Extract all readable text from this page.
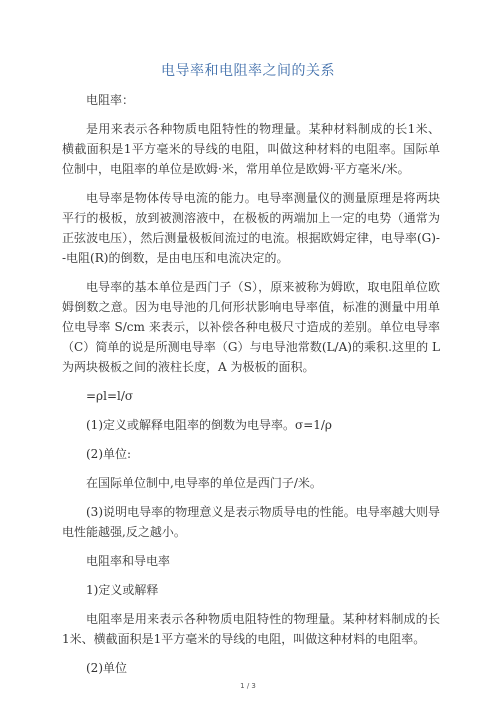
电导率和电阻率之间的关系

电阻率：

是用来表示各种物质电阻特性的物理量。某种材料制成的长1米、横截面积是1平方毫米的导线的电阻，叫做这种材料的电阻率。国际单位制中，电阻率的单位是欧姆·米，常用单位是欧姆·平方毫米/米。

电导率是物体传导电流的能力。电导率测量仪的测量原理是将两块平行的极板，放到被测溶液中，在极板的两端加上一定的电势（通常为正弦波电压），然后测量极板间流过的电流。根据欧姆定律，电导率(G)--电阻(R)的倒数，是由电压和电流决定的。

电导率的基本单位是西门子（S），原来被称为姆欧，取电阻单位欧姆倒数之意。因为电导池的几何形状影响电导率值，标准的测量中用单位电导率 S/cm 来表示，以补偿各种电极尺寸造成的差别。单位电导率（C）简单的说是所测电导率（G）与电导池常数(L/A)的乘积.这里的 L 为两块极板之间的液柱长度，A 为极板的面积。

=ρl=l/σ

(1)定义或解释电阻率的倒数为电导率。σ=1/ρ

(2)单位:

在国际单位制中,电导率的单位是西门子/米。

(3)说明电导率的物理意义是表示物质导电的性能。电导率越大则导电性能越强,反之越小。

电阻率和导电率

1)定义或解释

电阻率是用来表示各种物质电阻特性的物理量。某种材料制成的长1米、横截面积是1平方毫米的导线的电阻，叫做这种材料的电阻率。

(2)单位

1 / 3
